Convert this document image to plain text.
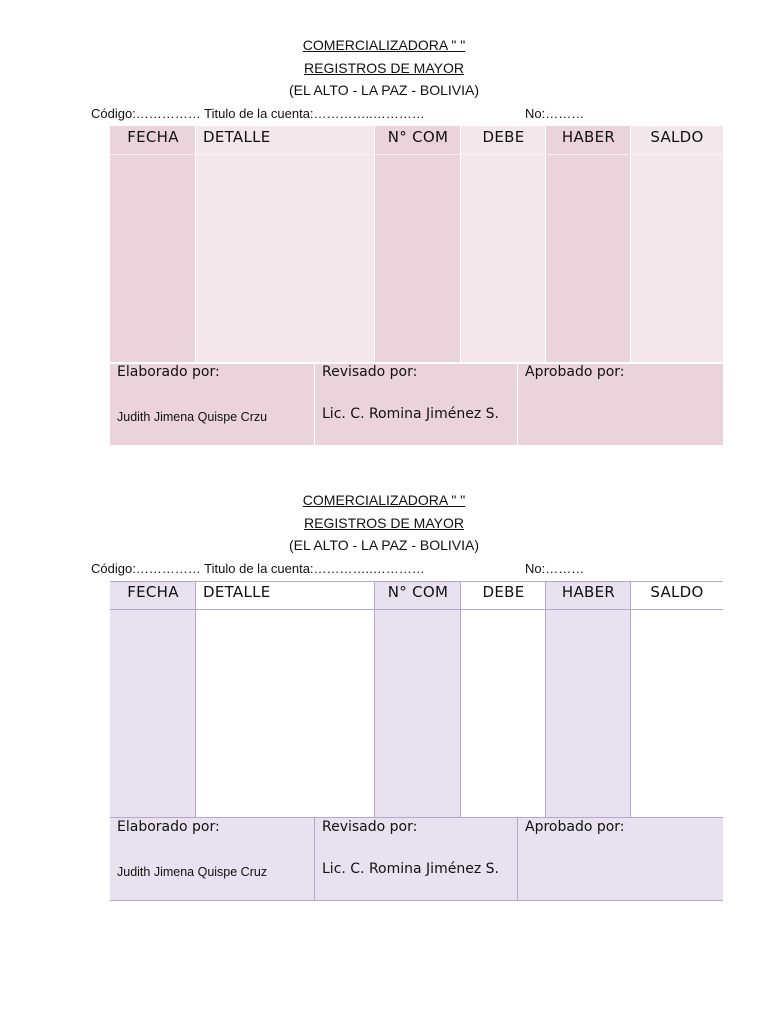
COMERCIALIZADORA " "
REGISTROS DE MAYOR
(EL ALTO - LA PAZ - BOLIVIA)
Código:…………… Titulo de la cuenta:…………..…………	No:………
FECHA	DETALLE	N° COM	DEBE	HABER	SALDO
Elaborado por:
Judith Jimena Quispe Crzu
Revisado por:
Lic. C. Romina Jiménez S.
Aprobado por:
COMERCIALIZADORA " "
REGISTROS DE MAYOR
(EL ALTO - LA PAZ - BOLIVIA)
Código:…………… Titulo de la cuenta:…………..…………	No:………
FECHA	DETALLE	N° COM	DEBE	HABER	SALDO
Elaborado por:
Judith Jimena Quispe Cruz
Revisado por:
Lic. C. Romina Jiménez S.
Aprobado por:
